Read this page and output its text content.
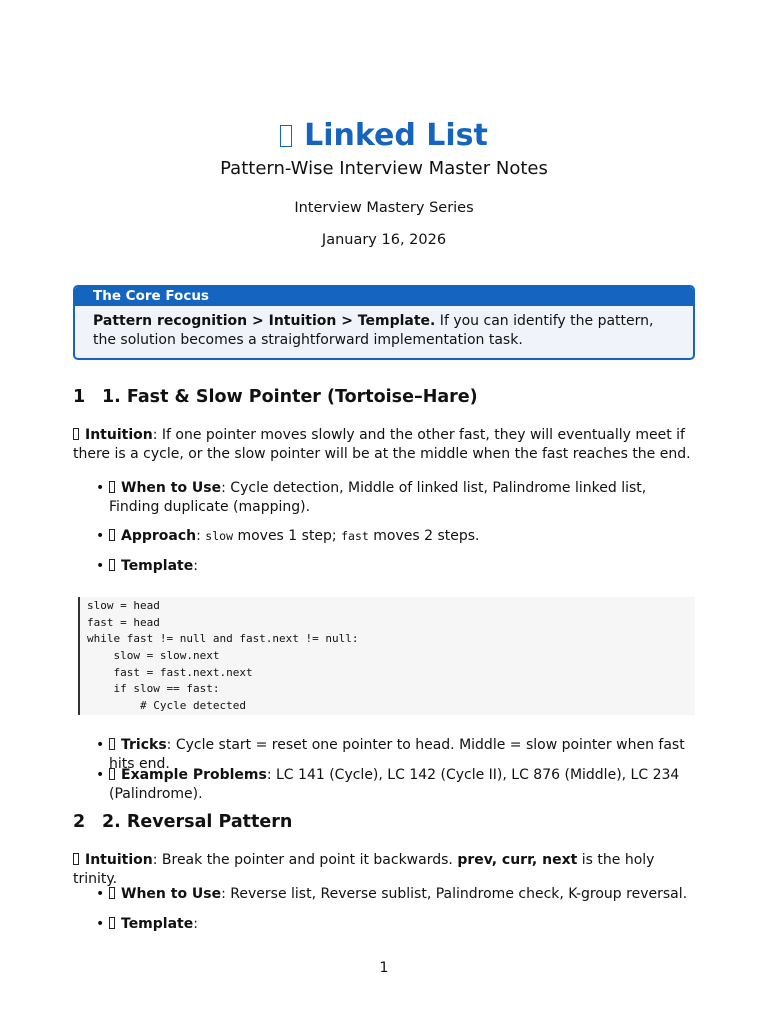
Linked List
Pattern-Wise Interview Master Notes
Interview Mastery Series
January 16, 2026
The Core Focus
Pattern recognition > Intuition > Template. If you can identify the pattern, the solution becomes a straightforward implementation task.
1 1. Fast & Slow Pointer (Tortoise–Hare)
Intuition: If one pointer moves slowly and the other fast, they will eventually meet if there is a cycle, or the slow pointer will be at the middle when the fast reaches the end.
• When to Use: Cycle detection, Middle of linked list, Palindrome linked list, Finding duplicate (mapping).
• Approach: slow moves 1 step; fast moves 2 steps.
• Template:
slow = head
fast = head
while fast != null and fast.next != null:
slow = slow.next
fast = fast.next.next
if slow == fast:
# Cycle detected
• Tricks: Cycle start = reset one pointer to head. Middle = slow pointer when fast hits end.
• Example Problems: LC 141 (Cycle), LC 142 (Cycle II), LC 876 (Middle), LC 234 (Palindrome).
2 2. Reversal Pattern
Intuition: Break the pointer and point it backwards. prev, curr, next is the holy trinity.
• When to Use: Reverse list, Reverse sublist, Palindrome check, K-group reversal.
• Template:
1
